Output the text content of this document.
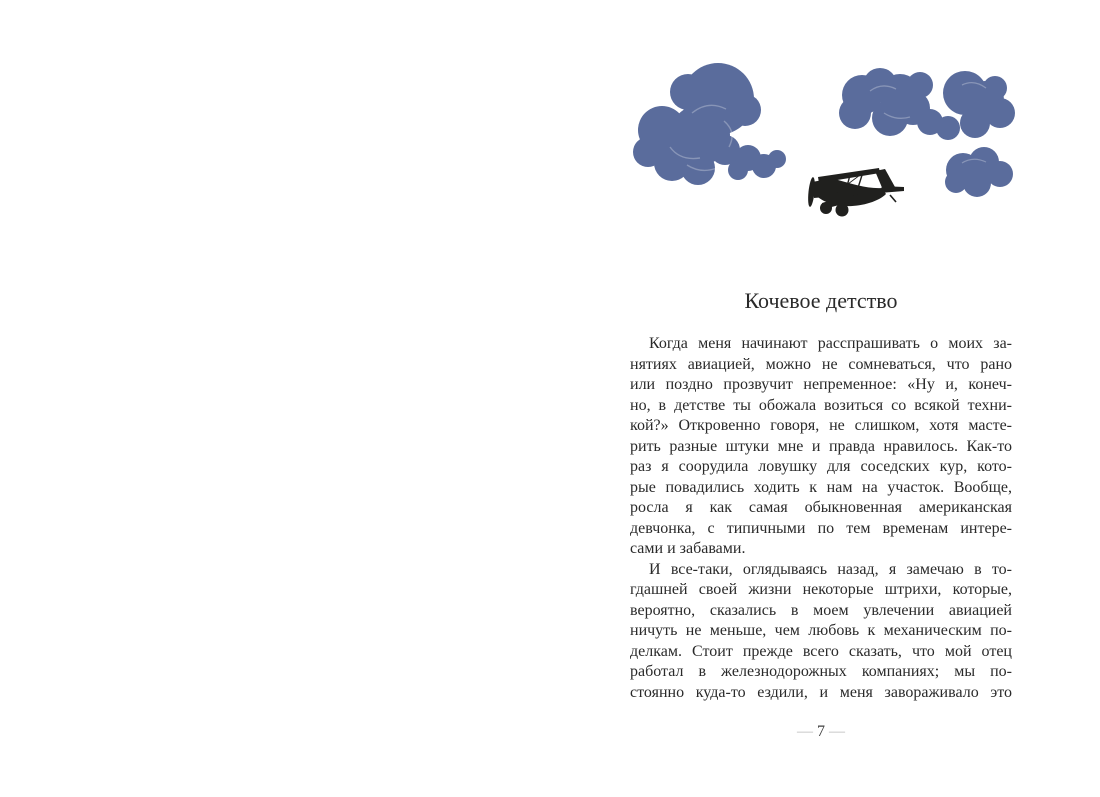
Кочевое детство
Когда меня начинают расспрашивать о моих за-
нятиях авиацией, можно не сомневаться, что рано
или поздно прозвучит непременное: «Ну и, конеч-
но, в детстве ты обожала возиться со всякой техни-
кой?» Откровенно говоря, не слишком, хотя масте-
рить разные штуки мне и правда нравилось. Как-то
раз я соорудила ловушку для соседских кур, кото-
рые повадились ходить к нам на участок. Вообще,
росла я как самая обыкновенная американская
девчонка, с типичными по тем временам интере-
сами и забавами.
И все-таки, оглядываясь назад, я замечаю в то-
гдашней своей жизни некоторые штрихи, которые,
вероятно, сказались в моем увлечении авиацией
ничуть не меньше, чем любовь к механическим по-
делкам. Стоит прежде всего сказать, что мой отец
работал в железнодорожных компаниях; мы по-
стоянно куда-то ездили, и меня завораживало это
— 7 —
